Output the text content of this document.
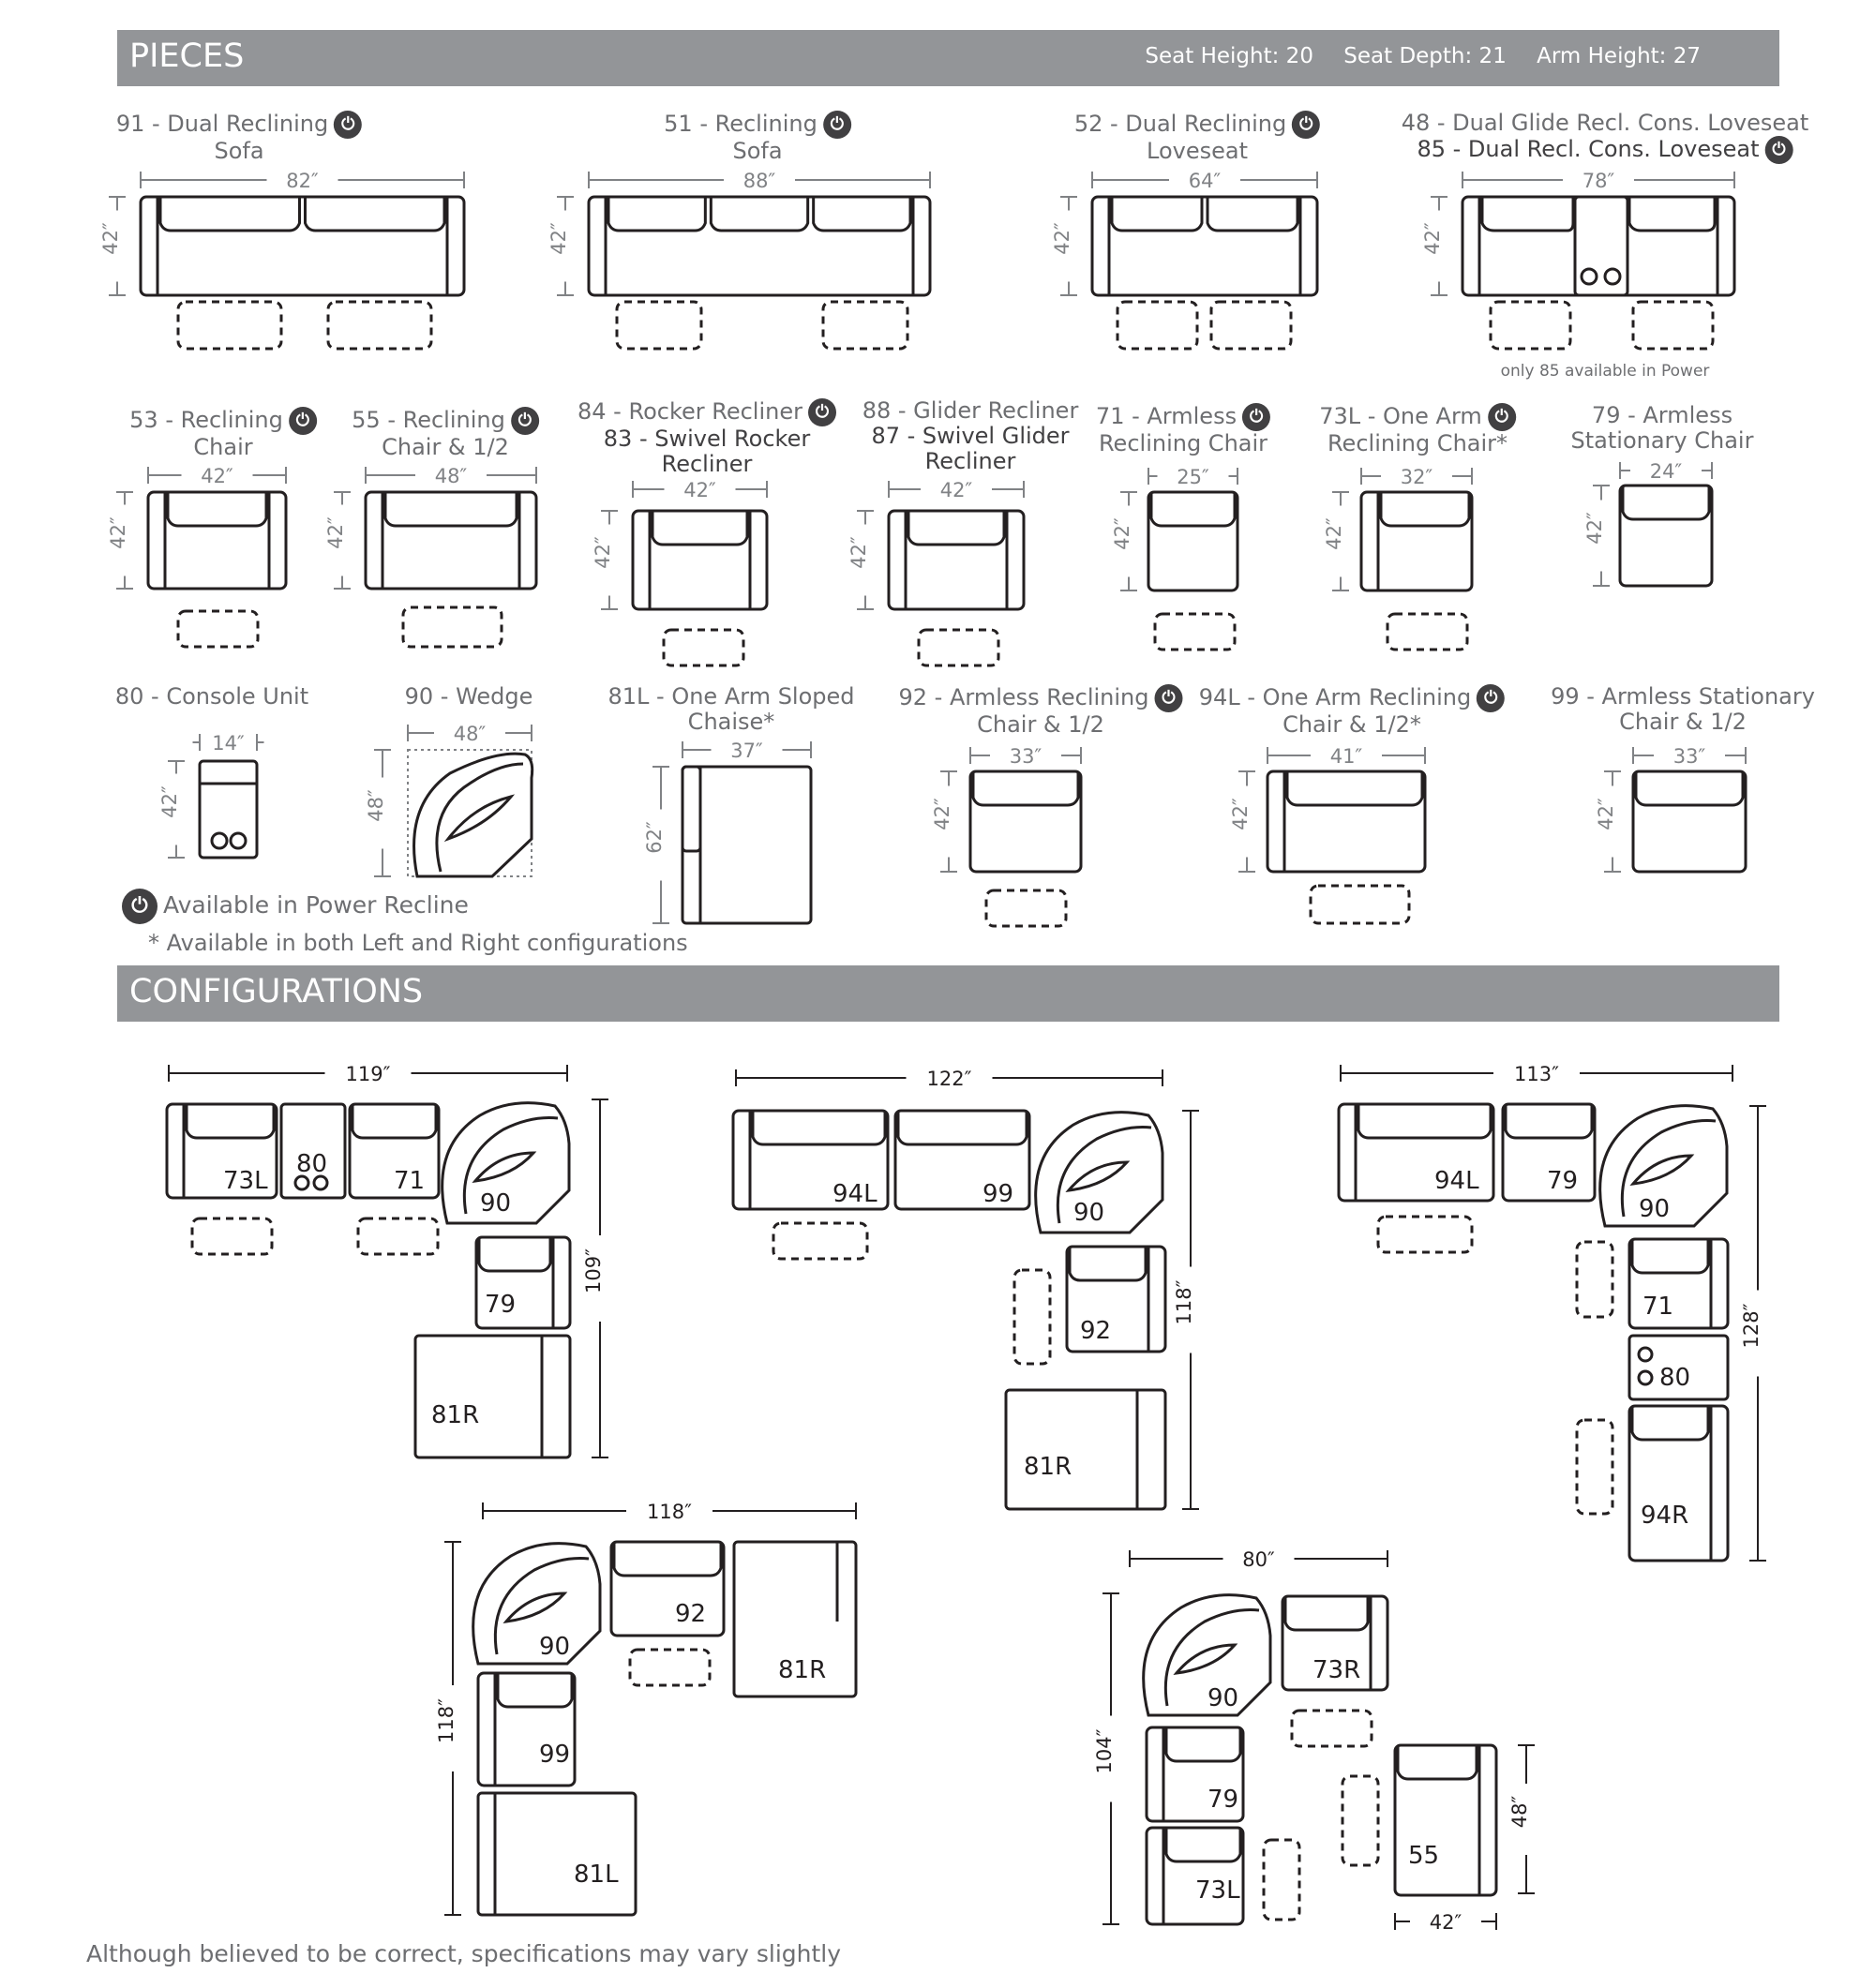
PIECES	Seat Height: 20 Seat Depth: 21 Arm Height: 27
CONFIGURATIONS
91 - Dual Reclining ⏻
Sofa
51 - Reclining ⏻
Sofa
52 - Dual Reclining ⏻
Loveseat
48 - Dual Glide Recl. Cons. Loveseat
85 - Dual Recl. Cons. Loveseat ⏻
only 85 available in Power
53 - Reclining ⏻
Chair
55 - Reclining ⏻
Chair & 1/2
84 - Rocker Recliner ⏻
83 - Swivel Rocker
Recliner
88 - Glider Recliner
87 - Swivel Glider
Recliner
71 - Armless ⏻
Reclining Chair
73L - One Arm ⏻
Reclining Chair*
79 - Armless
Stationary Chair
80 - Console Unit	90 - Wedge	81L - One Arm Sloped
Chaise*
92 - Armless Reclining ⏻
Chair & 1/2
94L - One Arm Reclining ⏻
Chair & 1/2*
99 - Armless Stationary
Chair & 1/2
⏻ Available in Power Recline
* Available in both Left and Right configurations
Although believed to be correct, specifications may vary slightly
82″
42″
88″
42″
64″
42″
78″
42″
42″
42″
48″
42″
42″
42″
42″
42″
25″
42″
32″
42″
24″
42″
14″
42″
48″
48″
37″
62″
33″
42″
41″
42″
33″
42″
119″
109″
73L
80
71
90
79
81R
122″
118″
94L	99
90
92
81R
113″
128″
94L	79
90
71
80
94R
118″
118″
90
92
81R
99
81L
80″
104″
90
73R
79
73L
55
48″
42″
